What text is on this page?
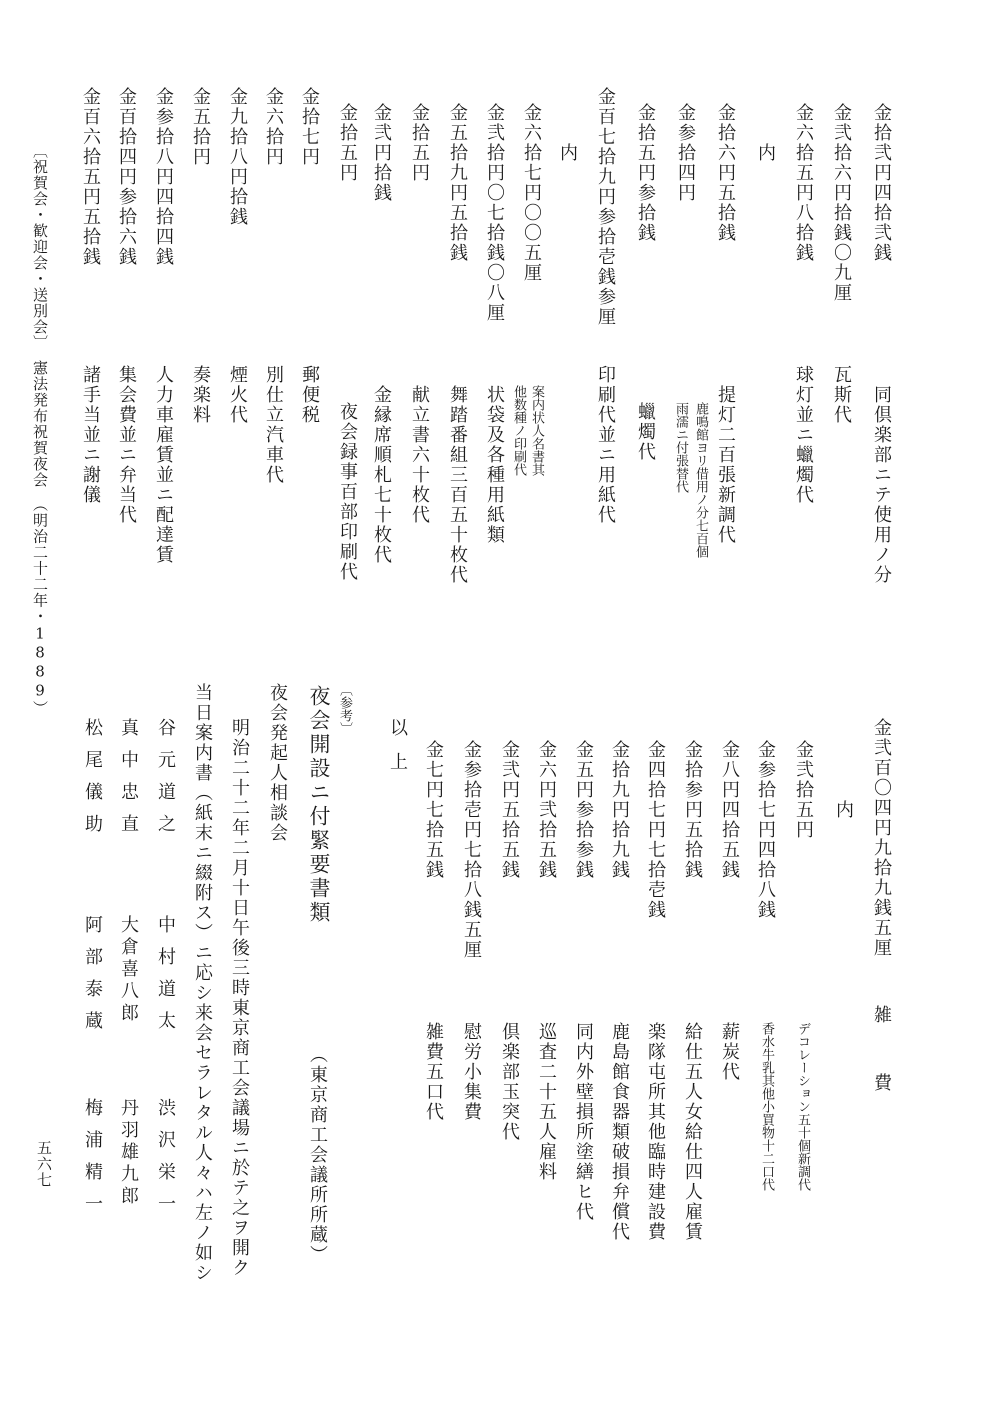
金拾弐円四拾弐銭
金弐拾六円拾銭〇九厘
金六拾五円八拾銭
内
金拾六円五拾銭
金参拾四円
金拾五円参拾銭
金百七拾九円参拾壱銭参厘
内
金六拾七円〇〇五厘
金弐拾円〇七拾銭〇八厘
金五拾九円五拾銭
金拾五円
金弐円拾銭
金拾五円
金拾七円
金六拾円
金九拾八円拾銭
金五拾円
金参拾八円四拾四銭
金百拾四円参拾六銭
金百六拾五円五拾銭
同倶楽部ニテ使用ノ分
瓦斯代
球灯並ニ蠟燭代
提灯二百張新調代
鹿鳴館ヨリ借用ノ分七百個
雨濡ニ付張替代
蠟燭代
印刷代並ニ用紙代
案内状人名書其
他数種ノ印刷代
状袋及各種用紙類
舞踏番組三百五十枚代
献立書六十枚代
金縁席順札七十枚代
夜会録事百部印刷代
郵便税
別仕立汽車代
煙火代
奏楽料
人力車雇賃並ニ配達賃
集会費並ニ弁当代
諸手当並ニ謝儀
〔祝賀会・歓迎会・送別会〕
憲法発布祝賀夜会　（明治二十二年・1889）
金弐百〇四円九拾九銭五厘
雑　費
内
金弐拾五円
デコレーション五十個新調代
金参拾七円四拾八銭
香水牛乳其他小買物十二口代
金八円四拾五銭
薪炭代
金拾参円五拾銭
給仕五人女給仕四人雇賃
金四拾七円七拾壱銭
楽隊屯所其他臨時建設費
金拾九円拾九銭
鹿島館食器類破損弁償代
金五円参拾参銭
同内外壁損所塗繕ヒ代
金六円弐拾五銭
巡査二十五人雇料
金弐円五拾五銭
倶楽部玉突代
金参拾壱円七拾八銭五厘
慰労小集費
金七円七拾五銭
雑費五口代
以上
〔参考〕
夜会開設ニ付緊要書類
（東京商工会議所所蔵）
夜会発起人相談会
明治二十二年二月十日午後三時東京商工会議場ニ於テ之ヲ開ク
当日案内書（紙末ニ綴附ス）ニ応シ来会セラレタル人々ハ左ノ如シ
谷元道之
中村道太
渋沢栄一
真中忠直
大倉喜八郎
丹羽雄九郎
松尾儀助
阿部泰蔵
梅浦精一
五六七
